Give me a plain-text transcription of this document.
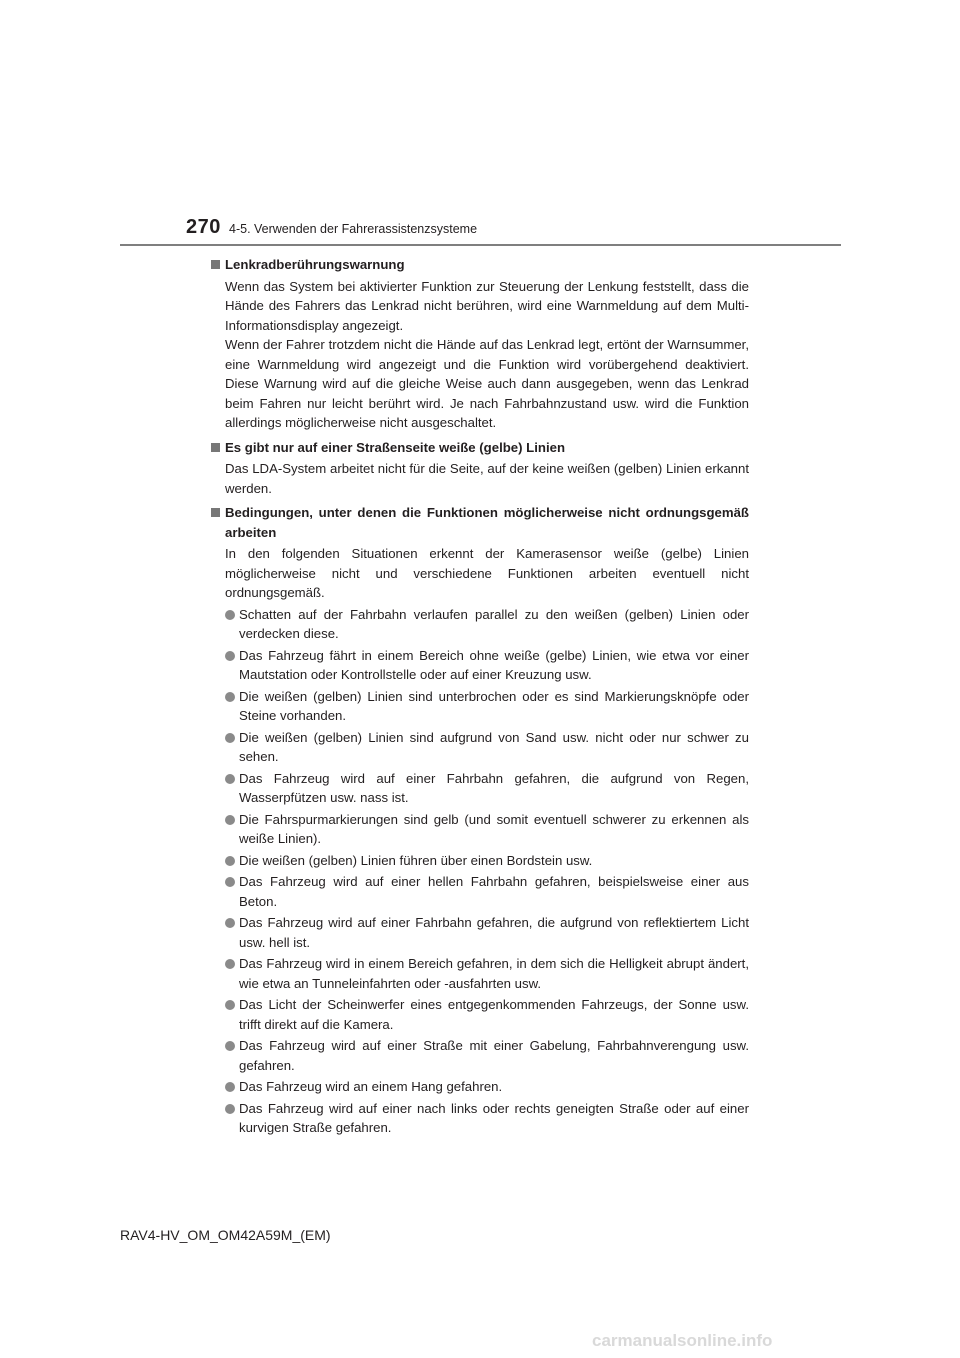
270 4-5. Verwenden der Fahrerassistenzsysteme
Lenkradberührungswarnung
Wenn das System bei aktivierter Funktion zur Steuerung der Lenkung feststellt, dass die Hände des Fahrers das Lenkrad nicht berühren, wird eine Warnmeldung auf dem Multi-Informationsdisplay angezeigt.
Wenn der Fahrer trotzdem nicht die Hände auf das Lenkrad legt, ertönt der Warnsummer, eine Warnmeldung wird angezeigt und die Funktion wird vorübergehend deaktiviert. Diese Warnung wird auf die gleiche Weise auch dann ausgegeben, wenn das Lenkrad beim Fahren nur leicht berührt wird. Je nach Fahrbahnzustand usw. wird die Funktion allerdings möglicherweise nicht ausgeschaltet.
Es gibt nur auf einer Straßenseite weiße (gelbe) Linien
Das LDA-System arbeitet nicht für die Seite, auf der keine weißen (gelben) Linien erkannt werden.
Bedingungen, unter denen die Funktionen möglicherweise nicht ordnungsgemäß arbeiten
In den folgenden Situationen erkennt der Kamerasensor weiße (gelbe) Linien möglicherweise nicht und verschiedene Funktionen arbeiten eventuell nicht ordnungsgemäß.
Schatten auf der Fahrbahn verlaufen parallel zu den weißen (gelben) Linien oder verdecken diese.
Das Fahrzeug fährt in einem Bereich ohne weiße (gelbe) Linien, wie etwa vor einer Mautstation oder Kontrollstelle oder auf einer Kreuzung usw.
Die weißen (gelben) Linien sind unterbrochen oder es sind Markierungsknöpfe oder Steine vorhanden.
Die weißen (gelben) Linien sind aufgrund von Sand usw. nicht oder nur schwer zu sehen.
Das Fahrzeug wird auf einer Fahrbahn gefahren, die aufgrund von Regen, Wasserpfützen usw. nass ist.
Die Fahrspurmarkierungen sind gelb (und somit eventuell schwerer zu erkennen als weiße Linien).
Die weißen (gelben) Linien führen über einen Bordstein usw.
Das Fahrzeug wird auf einer hellen Fahrbahn gefahren, beispielsweise einer aus Beton.
Das Fahrzeug wird auf einer Fahrbahn gefahren, die aufgrund von reflektiertem Licht usw. hell ist.
Das Fahrzeug wird in einem Bereich gefahren, in dem sich die Helligkeit abrupt ändert, wie etwa an Tunneleinfahrten oder -ausfahrten usw.
Das Licht der Scheinwerfer eines entgegenkommenden Fahrzeugs, der Sonne usw. trifft direkt auf die Kamera.
Das Fahrzeug wird auf einer Straße mit einer Gabelung, Fahrbahnverengung usw. gefahren.
Das Fahrzeug wird an einem Hang gefahren.
Das Fahrzeug wird auf einer nach links oder rechts geneigten Straße oder auf einer kurvigen Straße gefahren.
RAV4-HV_OM_OM42A59M_(EM)
carmanualsonline.info
